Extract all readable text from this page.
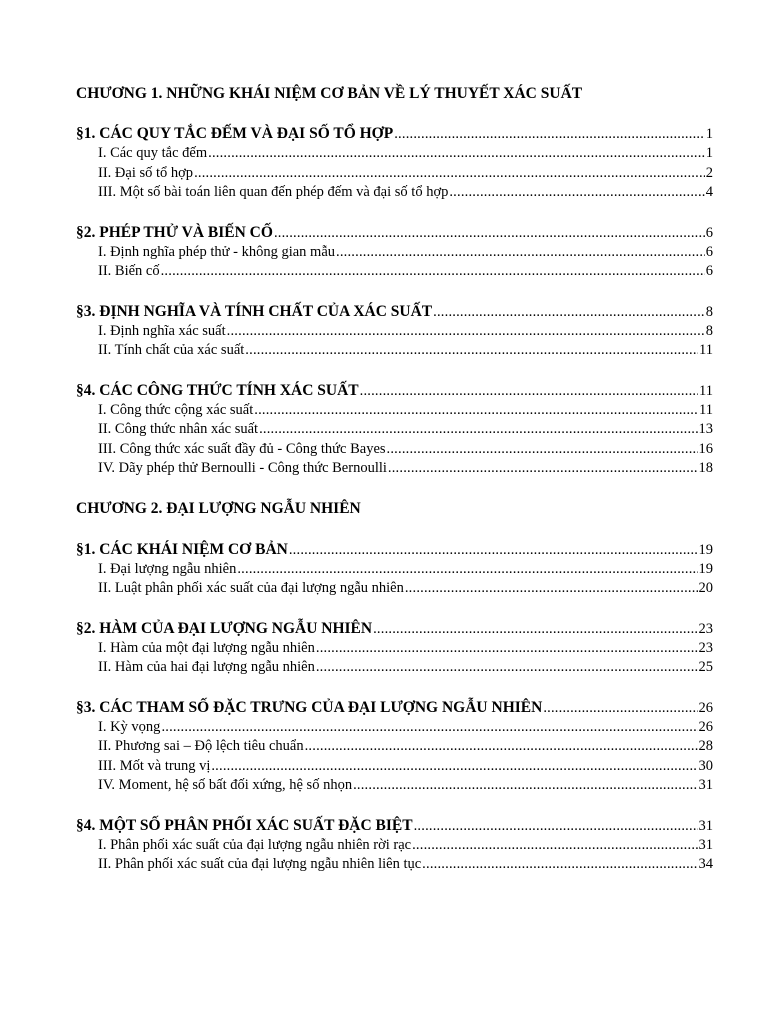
CHƯƠNG 1. NHỮNG KHÁI NIỆM CƠ BẢN VỀ LÝ THUYẾT XÁC SUẤT
§1. CÁC QUY TẮC ĐẾM VÀ ĐẠI SỐ TỔ HỢP .....	1
I. Các quy tắc đếm .....	1
II. Đại số tổ hợp .....	2
III. Một số bài toán liên quan đến phép đếm và đại số tổ hợp .....	4
§2. PHÉP THỬ VÀ BIẾN CỐ .....	6
I. Định nghĩa phép thử - không gian mẫu .....	6
II. Biến cố .....	6
§3. ĐỊNH NGHĨA VÀ TÍNH CHẤT CỦA XÁC SUẤT .....	8
I. Định nghĩa xác suất .....	8
II. Tính chất của xác suất .....	11
§4. CÁC CÔNG THỨC TÍNH XÁC SUẤT .....	11
I. Công thức cộng xác suất .....	11
II. Công thức nhân xác suất .....	13
III. Công thức xác suất đầy đủ - Công thức Bayes .....	16
IV. Dãy phép thử Bernoulli - Công thức Bernoulli .....	18
CHƯƠNG 2. ĐẠI LƯỢNG NGẪU NHIÊN
§1. CÁC KHÁI NIỆM CƠ BẢN .....	19
I. Đại lượng ngẫu nhiên .....	19
II. Luật phân phối xác suất của đại lượng ngẫu nhiên .....	20
§2. HÀM CỦA ĐẠI LƯỢNG NGẪU NHIÊN .....	23
I. Hàm của một đại lượng ngẫu nhiên .....	23
II. Hàm của hai đại lượng ngẫu nhiên .....	25
§3. CÁC THAM SỐ ĐẶC TRƯNG CỦA ĐẠI LƯỢNG NGẪU NHIÊN .....	26
I. Kỳ vọng .....	26
II. Phương sai – Độ lệch tiêu chuẩn .....	28
III. Mốt và trung vị .....	30
IV. Moment, hệ số bất đối xứng, hệ số nhọn .....	31
§4. MỘT SỐ PHÂN PHỐI XÁC SUẤT ĐẶC BIỆT .....	31
I. Phân phối xác suất của đại lượng ngẫu nhiên rời rạc .....	31
II. Phân phối xác suất của đại lượng ngẫu nhiên liên tục .....	34
